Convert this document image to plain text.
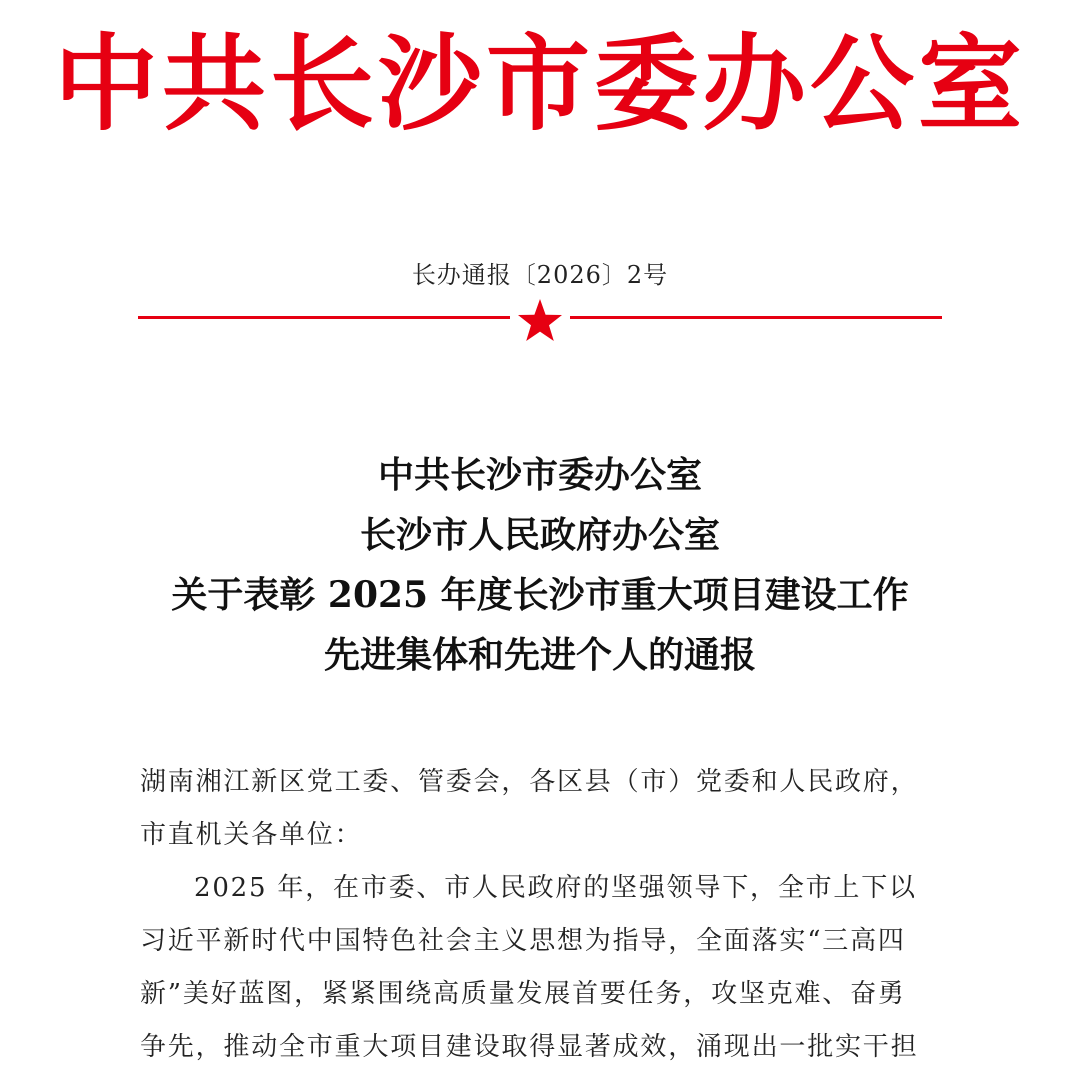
中共长沙市委办公室
长办通报〔2026〕2号
中共长沙市委办公室
长沙市人民政府办公室
关于表彰 2025 年度长沙市重大项目建设工作
先进集体和先进个人的通报
湖南湘江新区党工委、管委会，各区县（市）党委和人民政府，
市直机关各单位：
2025 年，在市委、市人民政府的坚强领导下，全市上下以
习近平新时代中国特色社会主义思想为指导，全面落实“三高四
新”美好蓝图，紧紧围绕高质量发展首要任务，攻坚克难、奋勇
争先，推动全市重大项目建设取得显著成效，涌现出一批实干担
